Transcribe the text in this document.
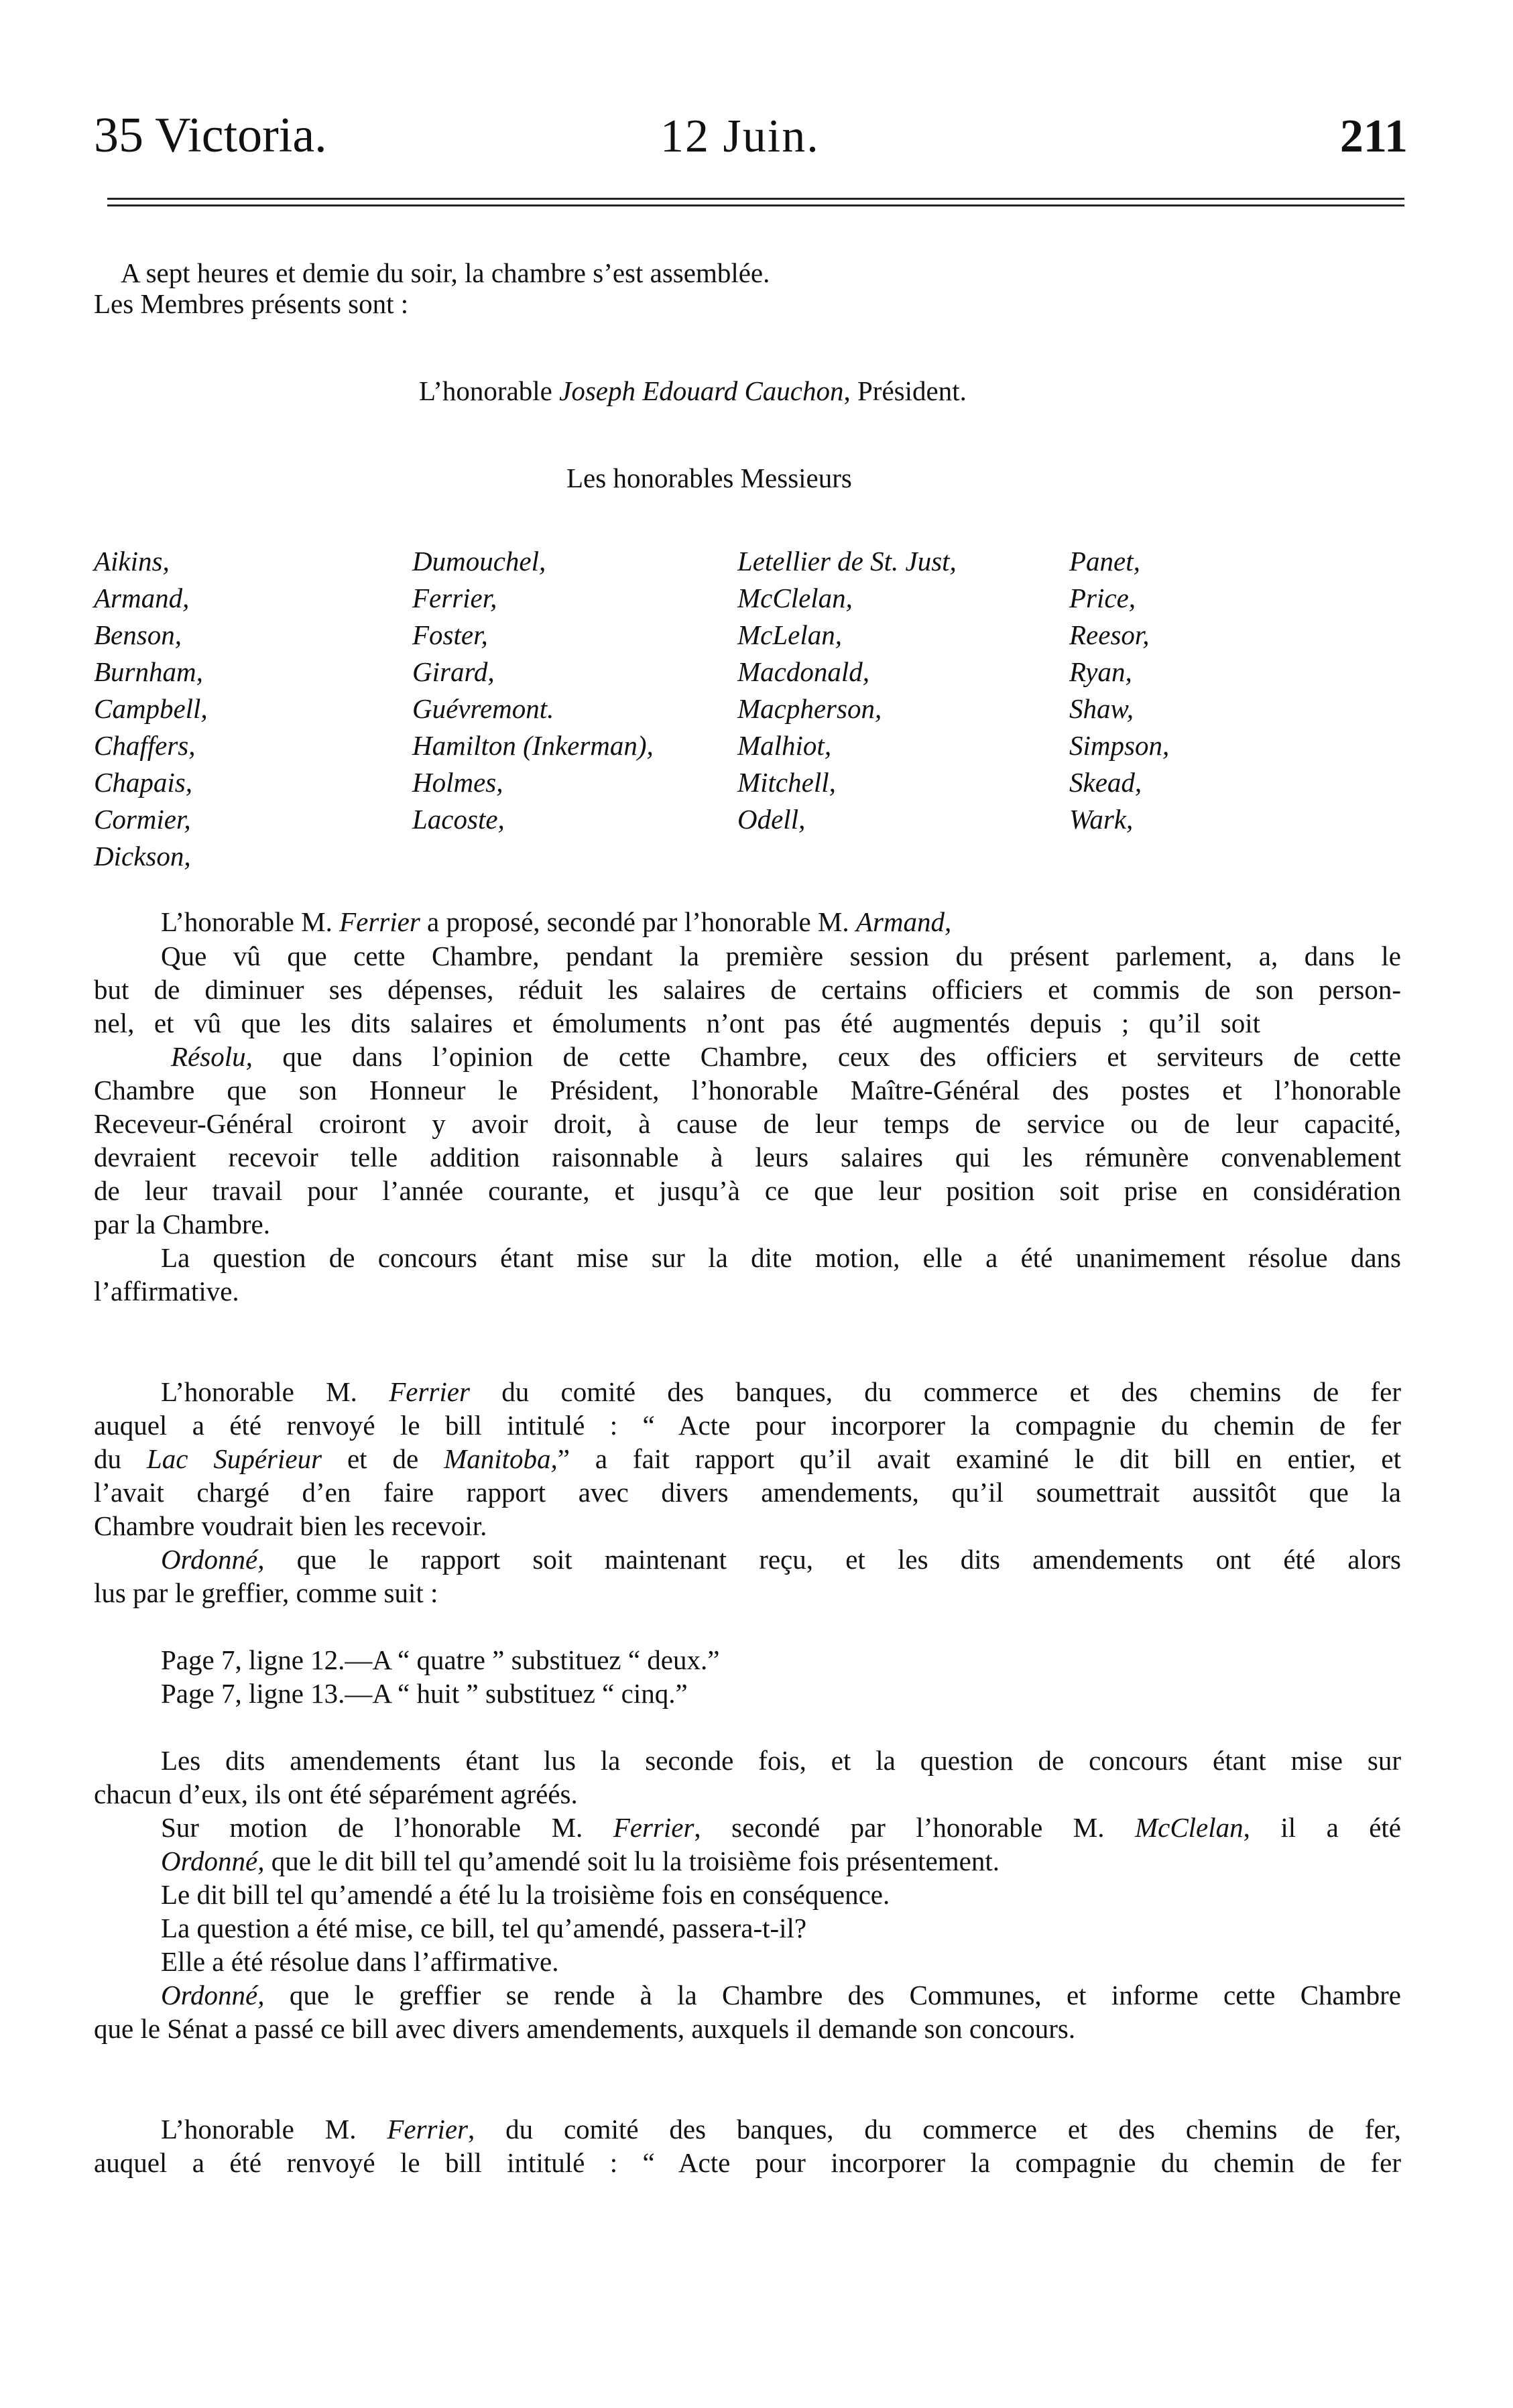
35 Victoria.	12 Juin.	211
A sept heures et demie du soir, la chambre s’est assemblée.
Les Membres présents sont :
L’honorable Joseph Edouard Cauchon, Président.
Les honorables Messieurs
Aikins,
Armand,
Benson,
Burnham,
Campbell,
Chaffers,
Chapais,
Cormier,
Dickson,
Dumouchel,
Ferrier,
Foster,
Girard,
Guévremont.
Hamilton (Inkerman),
Holmes,
Lacoste,
Letellier de St. Just,
McClelan,
McLelan,
Macdonald,
Macpherson,
Malhiot,
Mitchell,
Odell,
Panet,
Price,
Reesor,
Ryan,
Shaw,
Simpson,
Skead,
Wark,
L’honorable M. Ferrier a proposé, secondé par l’honorable M. Armand,
Que vû que cette Chambre, pendant la première session du présent parlement, a, dans le
but de diminuer ses dépenses, réduit les salaires de certains officiers et commis de son person-
nel, et vû que les dits salaires et émoluments n’ont pas été augmentés depuis ; qu’il soit
Résolu, que dans l’opinion de cette Chambre, ceux des officiers et serviteurs de cette
Chambre que son Honneur le Président, l’honorable Maître-Général des postes et l’honorable
Receveur-Général croiront y avoir droit, à cause de leur temps de service ou de leur capacité,
devraient recevoir telle addition raisonnable à leurs salaires qui les rémunère convenablement
de leur travail pour l’année courante, et jusqu’à ce que leur position soit prise en considération
par la Chambre.
La question de concours étant mise sur la dite motion, elle a été unanimement résolue dans
l’affirmative.
L’honorable M. Ferrier du comité des banques, du commerce et des chemins de fer
auquel a été renvoyé le bill intitulé : “ Acte pour incorporer la compagnie du chemin de fer
du Lac Supérieur et de Manitoba,” a fait rapport qu’il avait examiné le dit bill en entier, et
l’avait chargé d’en faire rapport avec divers amendements, qu’il soumettrait aussitôt que la
Chambre voudrait bien les recevoir.
Ordonné, que le rapport soit maintenant reçu, et les dits amendements ont été alors
lus par le greffier, comme suit :
Page 7, ligne 12.—A “ quatre ” substituez “ deux.”
Page 7, ligne 13.—A “ huit ” substituez “ cinq.”
Les dits amendements étant lus la seconde fois, et la question de concours étant mise sur
chacun d’eux, ils ont été séparément agréés.
Sur motion de l’honorable M. Ferrier, secondé par l’honorable M. McClelan, il a été
Ordonné, que le dit bill tel qu’amendé soit lu la troisième fois présentement.
Le dit bill tel qu’amendé a été lu la troisième fois en conséquence.
La question a été mise, ce bill, tel qu’amendé, passera-t-il?
Elle a été résolue dans l’affirmative.
Ordonné, que le greffier se rende à la Chambre des Communes, et informe cette Chambre
que le Sénat a passé ce bill avec divers amendements, auxquels il demande son concours.
L’honorable M. Ferrier, du comité des banques, du commerce et des chemins de fer,
auquel a été renvoyé le bill intitulé : “ Acte pour incorporer la compagnie du chemin de fer
